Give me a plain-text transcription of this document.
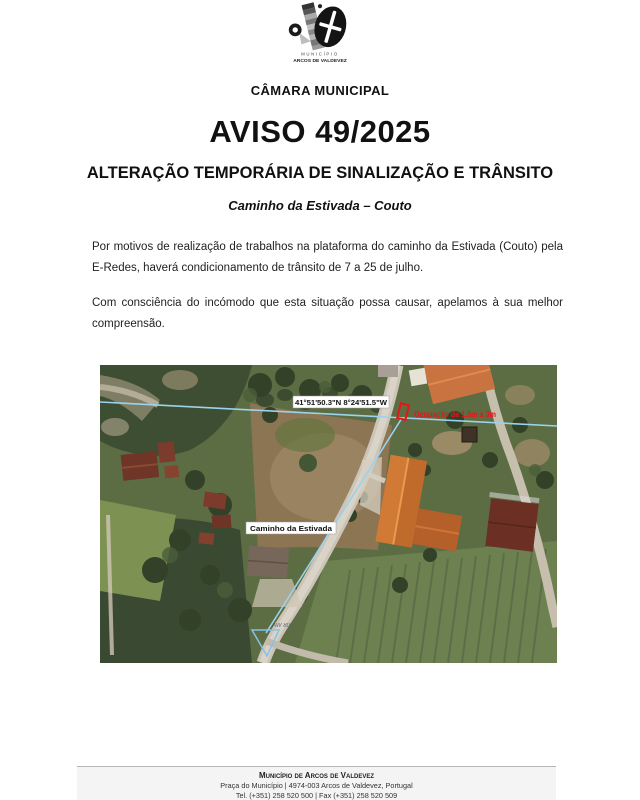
MUNICÍPIO
ARCOS DE VALDEVEZ
CÂMARA MUNICIPAL
AVISO 49/2025
ALTERAÇÃO TEMPORÁRIA DE SINALIZAÇÃO E TRÂNSITO
Caminho da Estivada – Couto

Por motivos de realização de trabalhos na plataforma do caminho da Estivada (Couto) pela E-Redes, haverá condicionamento de trânsito de 7 a 25 de julho.

Com consciência do incómodo que esta situação possa causar, apelamos à sua melhor compreensão.

41°51'50.3"N 8°24'51.5"W
Ocupação de 1.5m x 3m
Caminho da Estivada
AW 80
Município de Arcos de Valdevez
Praça do Município | 4974-003 Arcos de Valdevez, Portugal
Tel. (+351) 258 520 500 | Fax (+351) 258 520 509
